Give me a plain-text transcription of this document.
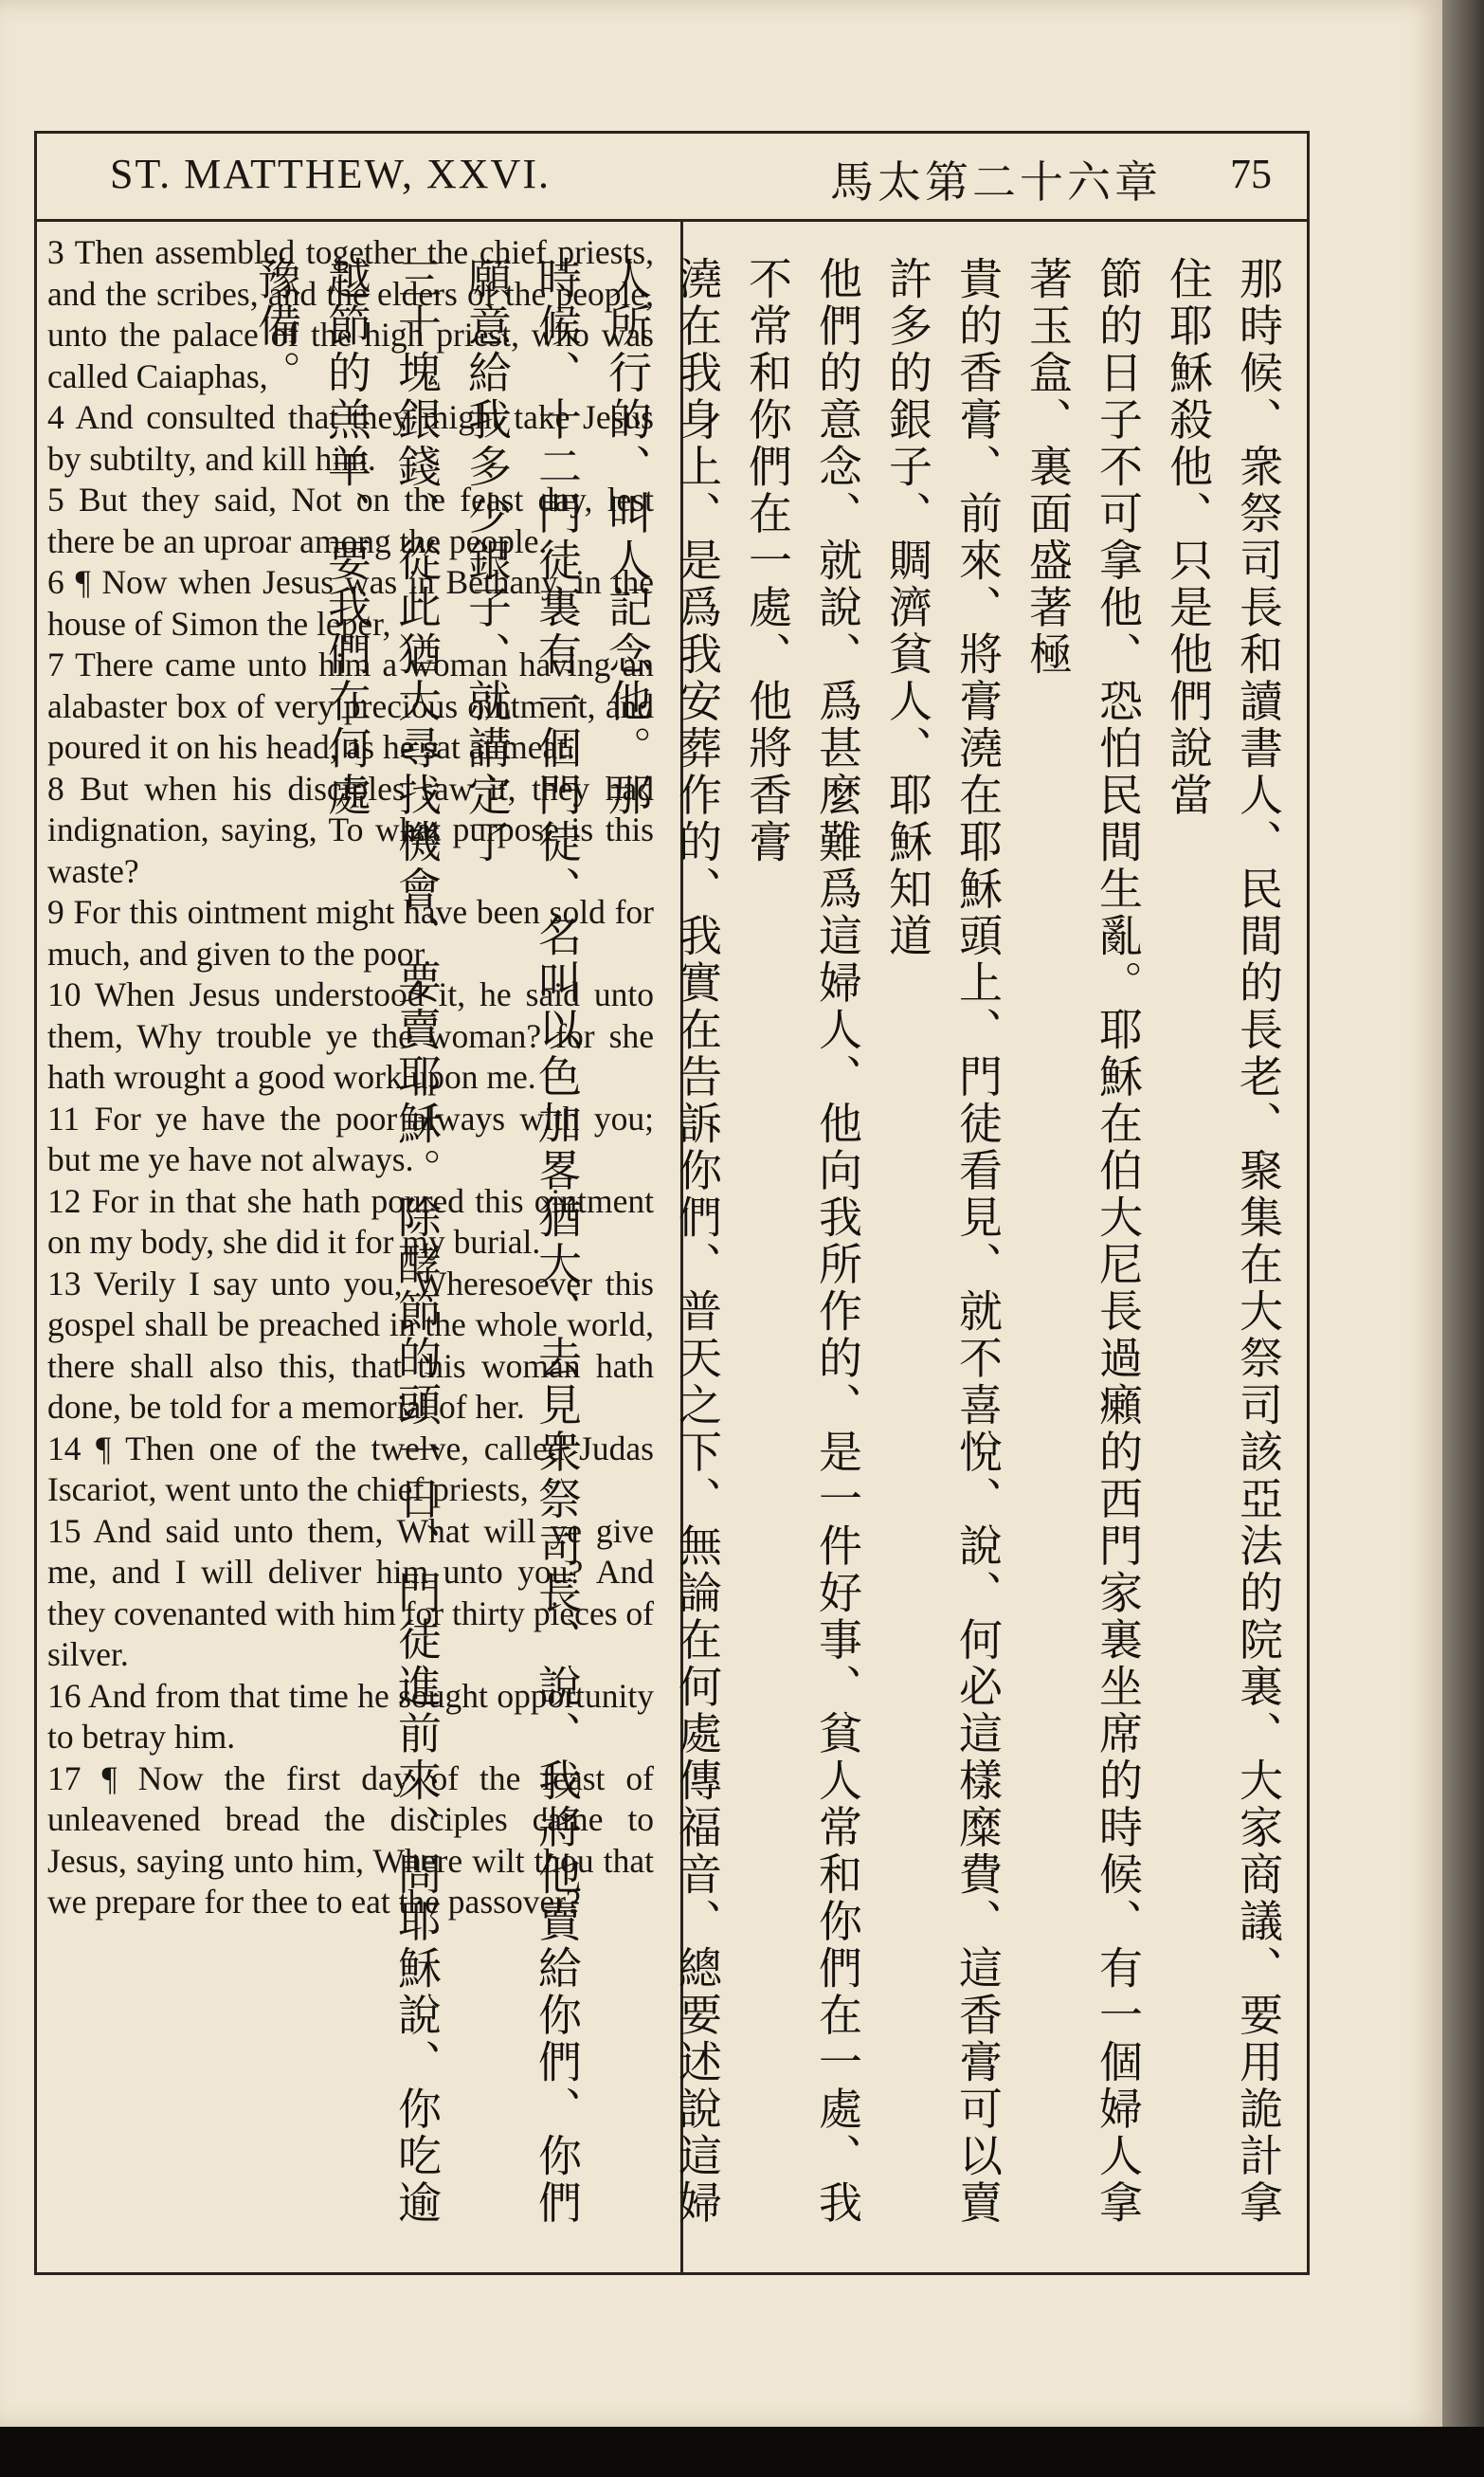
ST. MATTHEW, XXVI.	馬太第二十六章 75

3 Then assembled together the chief priests, and the scribes, and the elders of the people, unto the palace of the high priest, who was called Caiaphas,

4 And consulted that they might take Jesus by subtilty, and kill him.

5 But they said, Not on the feast day, lest there be an uproar among the people.

6 ¶ Now when Jesus was in Bethany, in the house of Simon the leper,

7 There came unto him a woman having an alabaster box of very precious ointment, and poured it on his head, as he sat at meat.

8 But when his disciples saw it, they had indignation, saying, To what purpose is this waste?

9 For this ointment might have been sold for much, and given to the poor.

10 When Jesus understood it, he said unto them, Why trouble ye the woman? for she hath wrought a good work upon me.

11 For ye have the poor always with you; but me ye have not always.

12 For in that she hath poured this ointment on my body, she did it for my burial.

13 Verily I say unto you, Wheresoever this gospel shall be preached in the whole world, there shall also this, that this woman hath done, be told for a memorial of her.

14 ¶ Then one of the twelve, called Judas Iscariot, went unto the chief priests,

15 And said unto them, What will ye give me, and I will deliver him unto you? And they covenanted with him for thirty pieces of silver.

16 And from that time he sought opportunity to betray him.

17 ¶ Now the first day of the feast of unleavened bread the disciples came to Jesus, saying unto him, Where wilt thou that we prepare for thee to eat the passover?	那時候、衆祭司長和讀書人、民間的長老、聚集在大祭司該亞法的院裏、大家商議、要用詭計拿住耶穌殺他、只是他們說當
節的日子不可拿他、恐怕民間生亂。耶穌在伯大尼長過癩的西門家裏坐席的時候、有一個婦人拿著玉盒、裏面盛著極
貴的香膏、前來、將膏澆在耶穌頭上、門徒看見、就不喜悅、說、何必這樣糜費、這香膏可以賣許多的銀子、賙濟貧人、耶穌知道
他們的意念、就說、爲甚麼難爲這婦人、他向我所作的、是一件好事、貧人常和你們在一處、我不常和你們在一處、他將香膏
澆在我身上、是爲我安葬作的、我實在告訴你們、普天之下、無論在何處傳福音、總要述說這婦人所行的、叫人記念他。那
時候、十二門徒裏有一個門徒、名叫以色加畧猶大、去見衆祭司長、說、我將他賣給你們、你們願意給我多少銀子、就講定了
三十塊銀錢、從此猶大尋找機會、要賣耶穌。除酵節的頭一日、門徒進前來、問耶穌說、你吃逾越節的羔羊、要我們在何處
豫備。
